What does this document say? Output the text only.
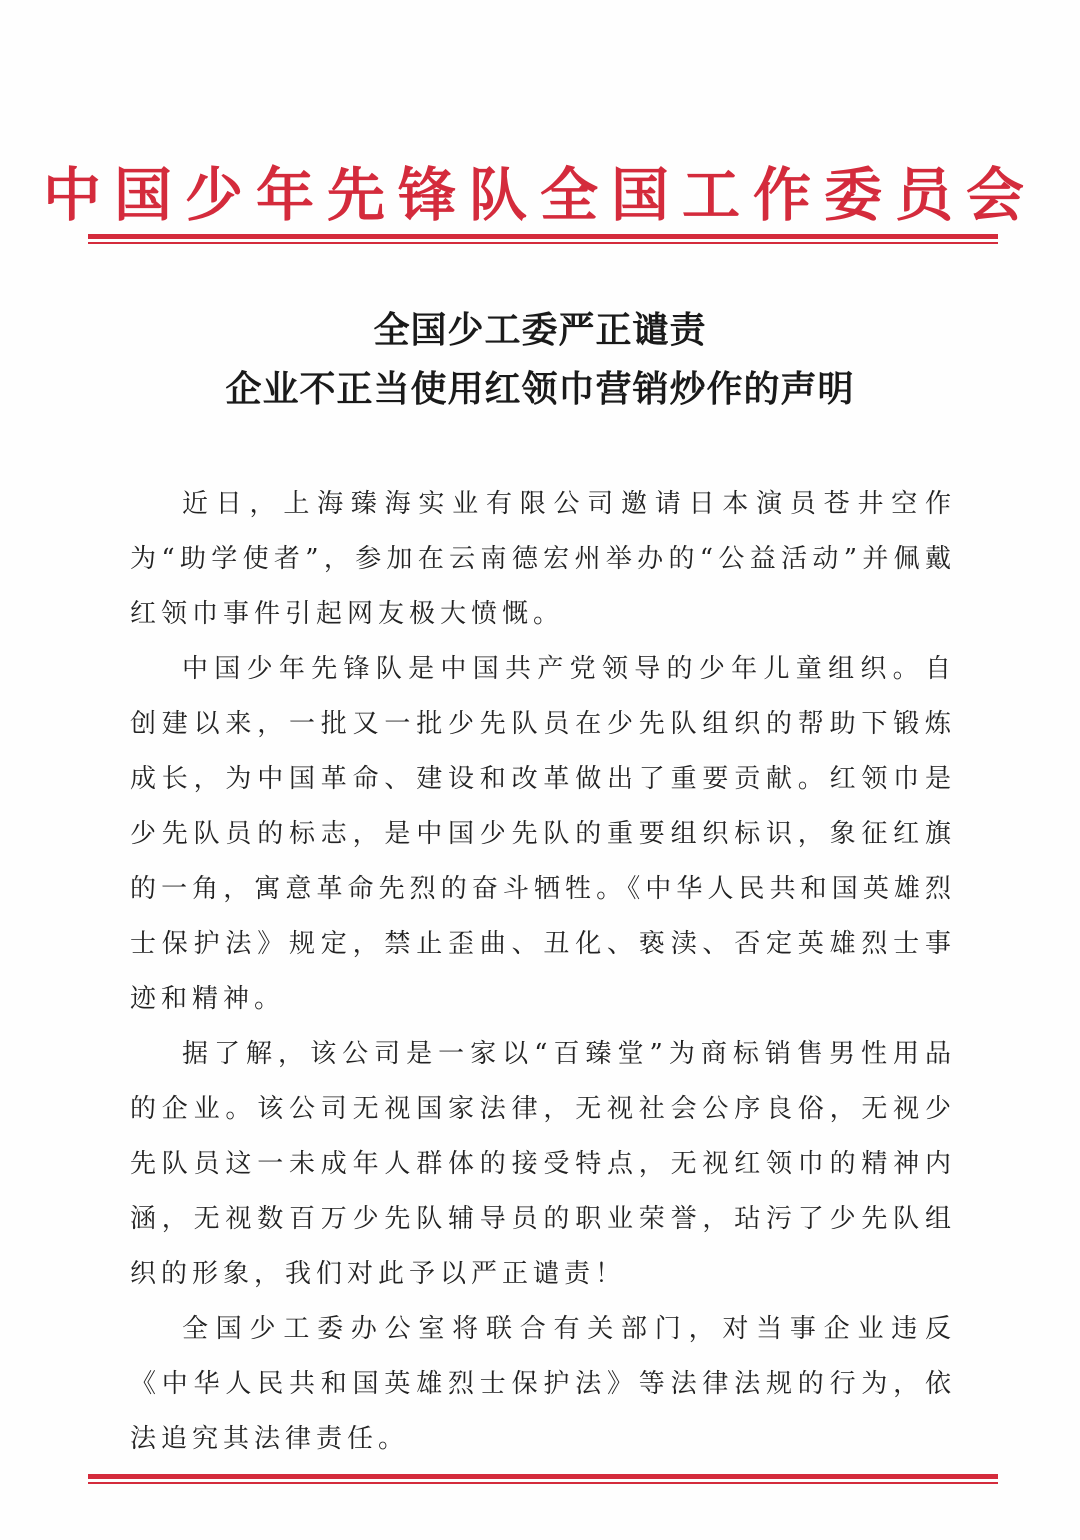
中国少年先锋队全国工作委员会
全国少工委严正谴责
企业不正当使用红领巾营销炒作的声明

近日，上海臻海实业有限公司邀请日本演员苍井空作为“助学使者”，参加在云南德宏州举办的“公益活动”并佩戴红领巾事件引起网友极大愤慨。

中国少年先锋队是中国共产党领导的少年儿童组织。自创建以来，一批又一批少先队员在少先队组织的帮助下锻炼成长，为中国革命、建设和改革做出了重要贡献。红领巾是少先队员的标志，是中国少先队的重要组织标识，象征红旗的一角，寓意革命先烈的奋斗牺牲。《中华人民共和国英雄烈士保护法》规定，禁止歪曲、丑化、亵渎、否定英雄烈士事迹和精神。

据了解，该公司是一家以“百臻堂”为商标销售男性用品的企业。该公司无视国家法律，无视社会公序良俗，无视少先队员这一未成年人群体的接受特点，无视红领巾的精神内涵，无视数百万少先队辅导员的职业荣誉，玷污了少先队组织的形象，我们对此予以严正谴责！

全国少工委办公室将联合有关部门，对当事企业违反《中华人民共和国英雄烈士保护法》等法律法规的行为，依法追究其法律责任。
